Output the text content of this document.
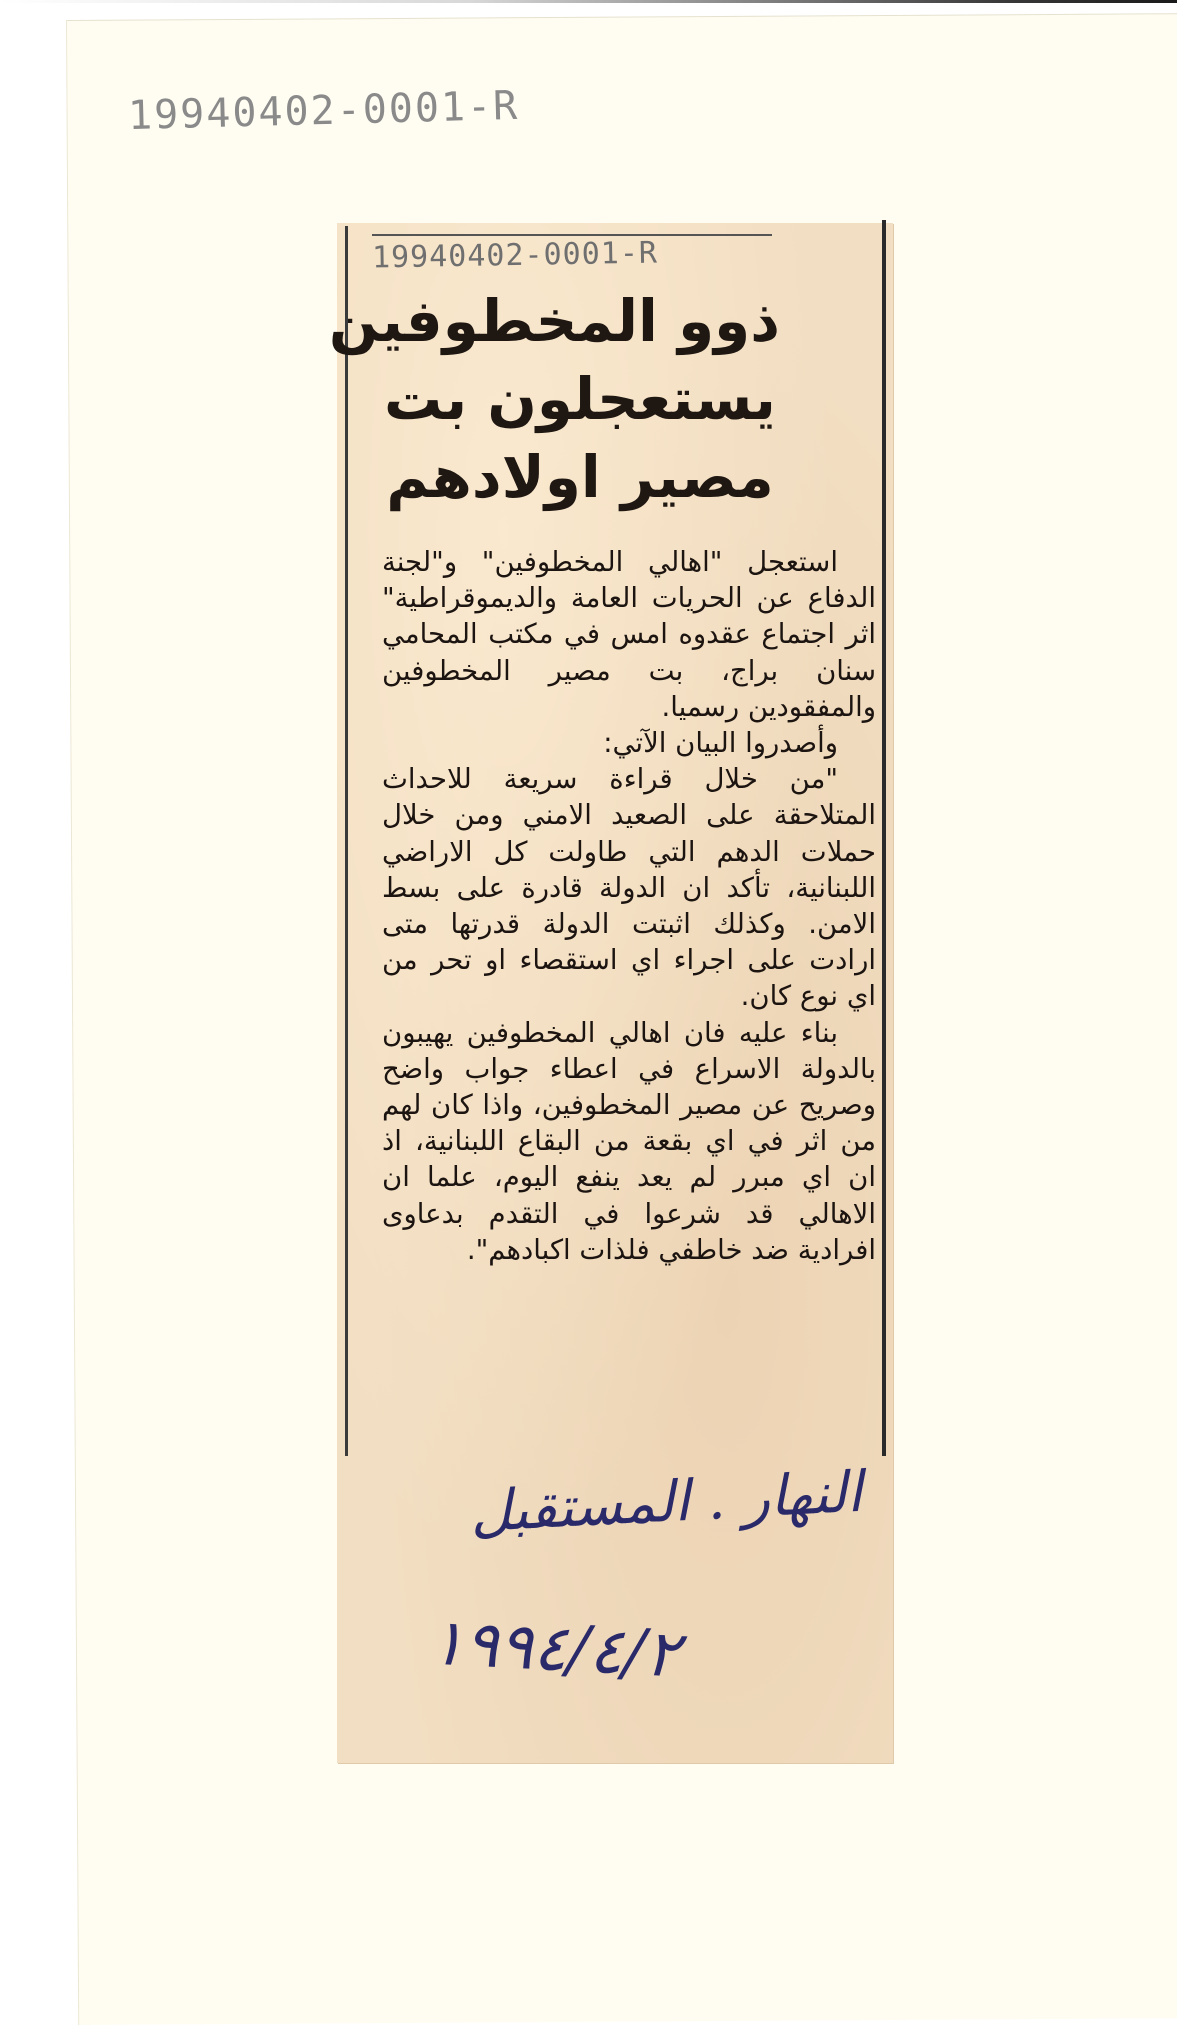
19940402-0001-R
19940402-0001-R
ذوو المخطوفين
يستعجلون بت
مصير اولادهم

استعجل "اهالي المخطوفين" و"لجنة الدفاع عن الحريات العامة والديموقراطية" اثر اجتماع عقدوه امس في مكتب المحامي سنان براج، بت مصير المخطوفين والمفقودين رسميا.

وأصدروا البيان الآتي:

"من خلال قراءة سريعة للاحداث المتلاحقة على الصعيد الامني ومن خلال حملات الدهم التي طاولت كل الاراضي اللبنانية، تأكد ان الدولة قادرة على بسط الامن. وكذلك اثبتت الدولة قدرتها متى ارادت على اجراء اي استقصاء او تحر من اي نوع كان.

بناء عليه فان اهالي المخطوفين يهيبون بالدولة الاسراع في اعطاء جواب واضح وصريح عن مصير المخطوفين، واذا كان لهم من اثر في اي بقعة من البقاع اللبنانية، اذ ان اي مبرر لم يعد ينفع اليوم، علما ان الاهالي قد شرعوا في التقدم بدعاوى افرادية ضد خاطفي فلذات اكبادهم".

النهار . المستقبل
١٩٩٤/٤/٢
